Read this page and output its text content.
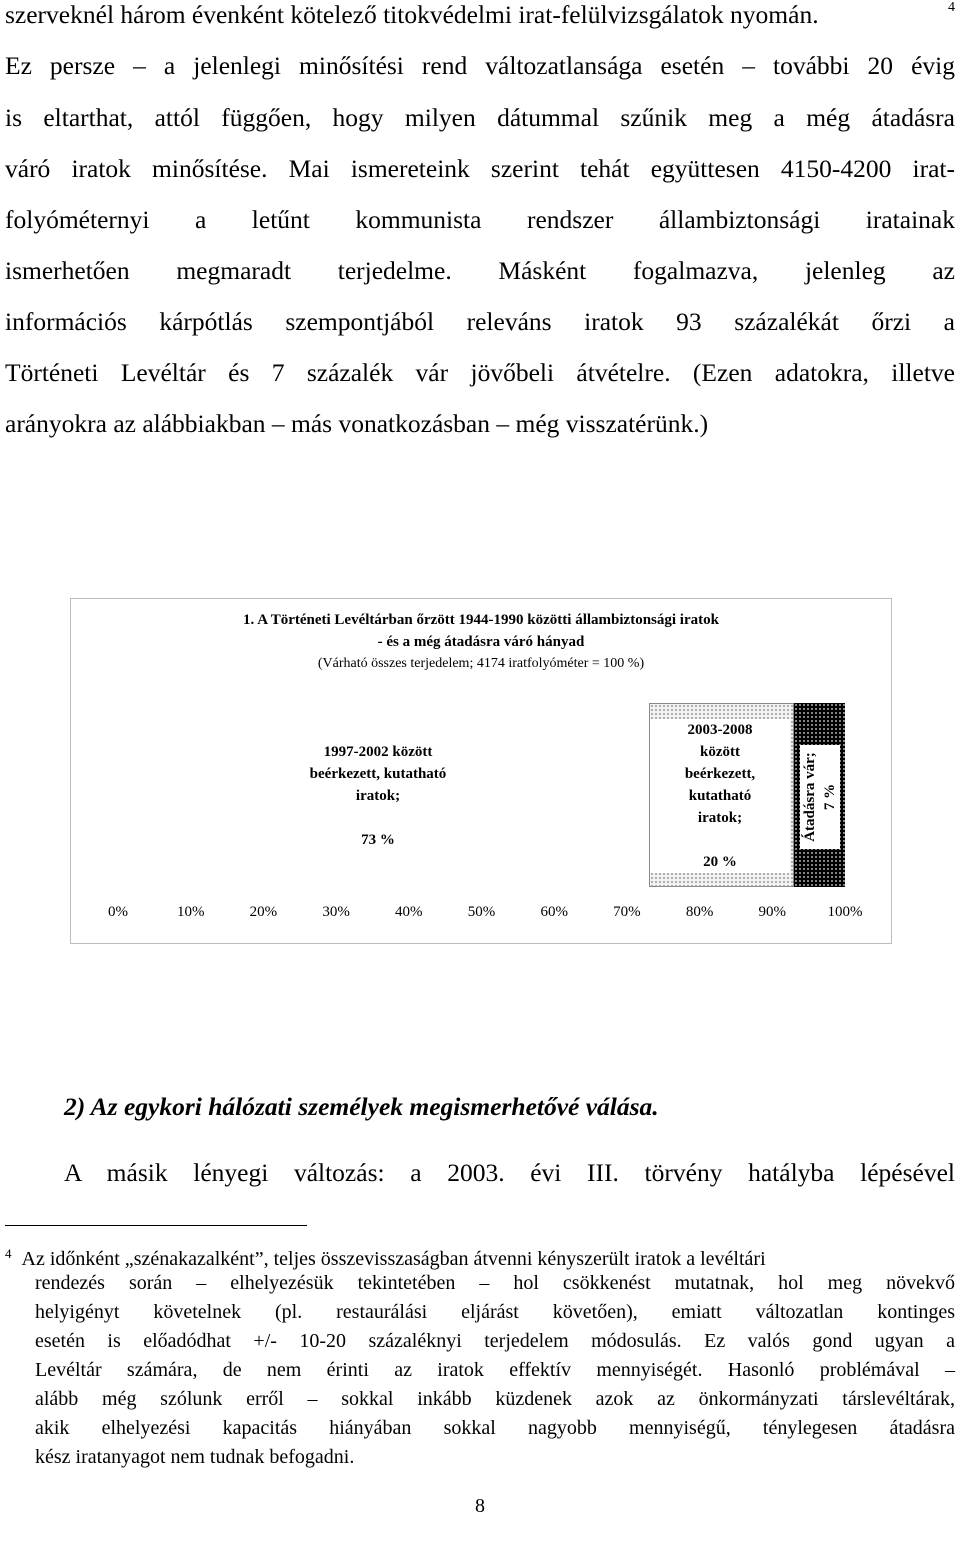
szerveknél három évenként kötelező titokvédelmi irat-felülvizsgálatok nyomán.	4
Ez persze – a jelenlegi minősítési rend változatlansága esetén – további 20 évig
is eltarthat, attól függően, hogy milyen dátummal szűnik meg a még átadásra
váró iratok minősítése. Mai ismereteink szerint tehát együttesen 4150-4200 irat-
folyóméternyi a letűnt kommunista rendszer állambiztonsági iratainak
ismerhetően megmaradt terjedelme. Másként fogalmazva, jelenleg az
információs kárpótlás szempontjából releváns iratok 93 százalékát őrzi a
Történeti Levéltár és 7 százalék vár jövőbeli átvételre. (Ezen adatokra, illetve
arányokra az alábbiakban – más vonatkozásban – még visszatérünk.)
1. A Történeti Levéltárban őrzött 1944-1990 közötti állambiztonsági iratok
- és a még átadásra váró hányad
(Várható összes terjedelem; 4174 iratfolyóméter = 100 %)
1997-2002 között
beérkezett, kutatható
iratok;
73 %
2003-2008
között
beérkezett,
kutatható
iratok;
20 %
Átadásra vár; 7 %
0%	10%	20%	30%	40%	50%	60%	70%	80%	90%	100%
2) Az egykori hálózati személyek megismerhetővé válása.
A másik lényegi változás: a 2003. évi III. törvény hatályba lépésével
$^4$ Az időnként „szénakazalként”, teljes összevisszaságban átvenni kényszerült iratok a levéltári
rendezés során – elhelyezésük tekintetében – hol csökkenést mutatnak, hol meg növekvő
helyigényt követelnek (pl. restaurálási eljárást követően), emiatt változatlan kontinges
esetén is előadódhat +/- 10-20 százaléknyi terjedelem módosulás. Ez valós gond ugyan a
Levéltár számára, de nem érinti az iratok effektív mennyiségét. Hasonló problémával –
alább még szólunk erről – sokkal inkább küzdenek azok az önkormányzati társlevéltárak,
akik elhelyezési kapacitás hiányában sokkal nagyobb mennyiségű, ténylegesen átadásra
kész iratanyagot nem tudnak befogadni.
8
